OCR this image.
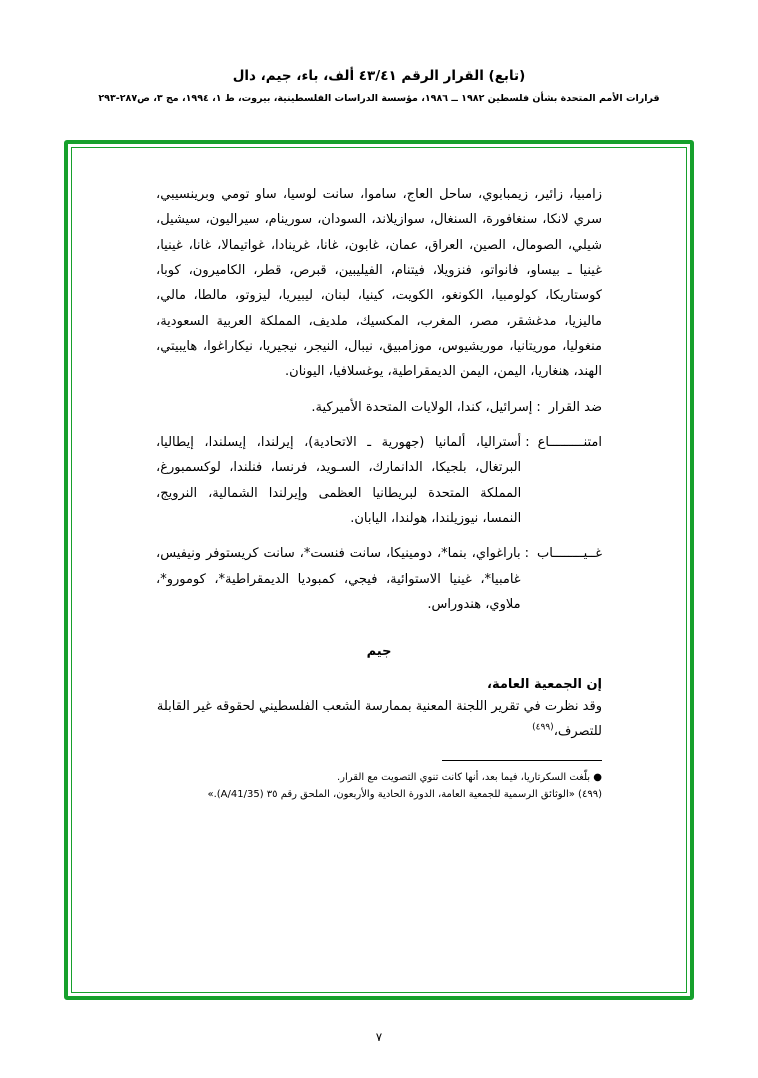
(تابع) القرار الرقم ٤٣/٤١ ألف، باء، جيم، دال
قرارات الأمم المتحدة بشأن فلسطين ١٩٨٢ ــ ١٩٨٦، مؤسسة الدراسات الفلسطينية، بيروت، ط ١، ١٩٩٤، مج ٣، ص٢٨٧-٢٩٣
زامبيا، زائير، زيمبابوي، ساحل العاج، ساموا، سانت لوسيا، ساو تومي وبرينسيبي، سري لانكا، سنغافورة، السنغال، سوازيلاند، السودان، سورينام، سيراليون، سيشيل، شيلي، الصومال، الصين، العراق، عمان، غابون، غانا، غرينادا، غواتيمالا، غانا، غينيا، غينيا ـ بيساو، فانواتو، فنزويلا، فيتنام، الفيليبين، قبرص، قطر، الكاميرون، كوبا، كوستاريكا، كولومبيا، الكونغو، الكويت، كينيا، لبنان، ليبيريا، ليزوتو، مالطا، مالي، ماليزيا، مدغشقر، مصر، المغرب، المكسيك، ملديف، المملكة العربية السعودية، منغوليا، موريتانيا، موريشيوس، موزامبيق، نيبال، النيجر، نيجيريا، نيكاراغوا، هايبيتي، الهند، هنغاريا، اليمن، اليمن الديمقراطية، يوغسلافيا، اليونان.
ضد القرار
:
إسرائيل، كندا، الولايات المتحدة الأميركية.
امتنـــــــــاع
:
أستراليا، ألمانيا (جهورية ـ الاتحادية)، إيرلندا، إيسلندا، إيطاليا، البرتغال، بلجيكا، الدانمارك، السـويد، فرنسا، فنلندا، لوكسمبورغ، المملكة المتحدة لبريطانيا العظمى وإيرلندا الشمالية، النرويج، النمسا، نيوزيلندا، هولندا، اليابان.
غــيــــــــاب
:
باراغواي، بنما*، دومينيكا، سانت فنست*، سانت كريستوفر ونيفيس، غامبيا*، غينيا الاستوائية، فيجي، كمبوديا الديمقراطية*، كومورو*، ملاوي، هندوراس.
جيم
إن الجمعية العامة،
وقد نظرت في تقرير اللجنة المعنية بممارسة الشعب الفلسطيني لحقوقه غير القابلة للتصرف،$^{(٤٩٩)}$

● بلّغت السكرتاريا، فيما بعد، أنها كانت تنوي التصويت مع القرار.

(٤٩٩) «الوثائق الرسمية للجمعية العامة، الدورة الحادية والأربعون، الملحق رقم ٣٥ (A/41/35).»

٧
